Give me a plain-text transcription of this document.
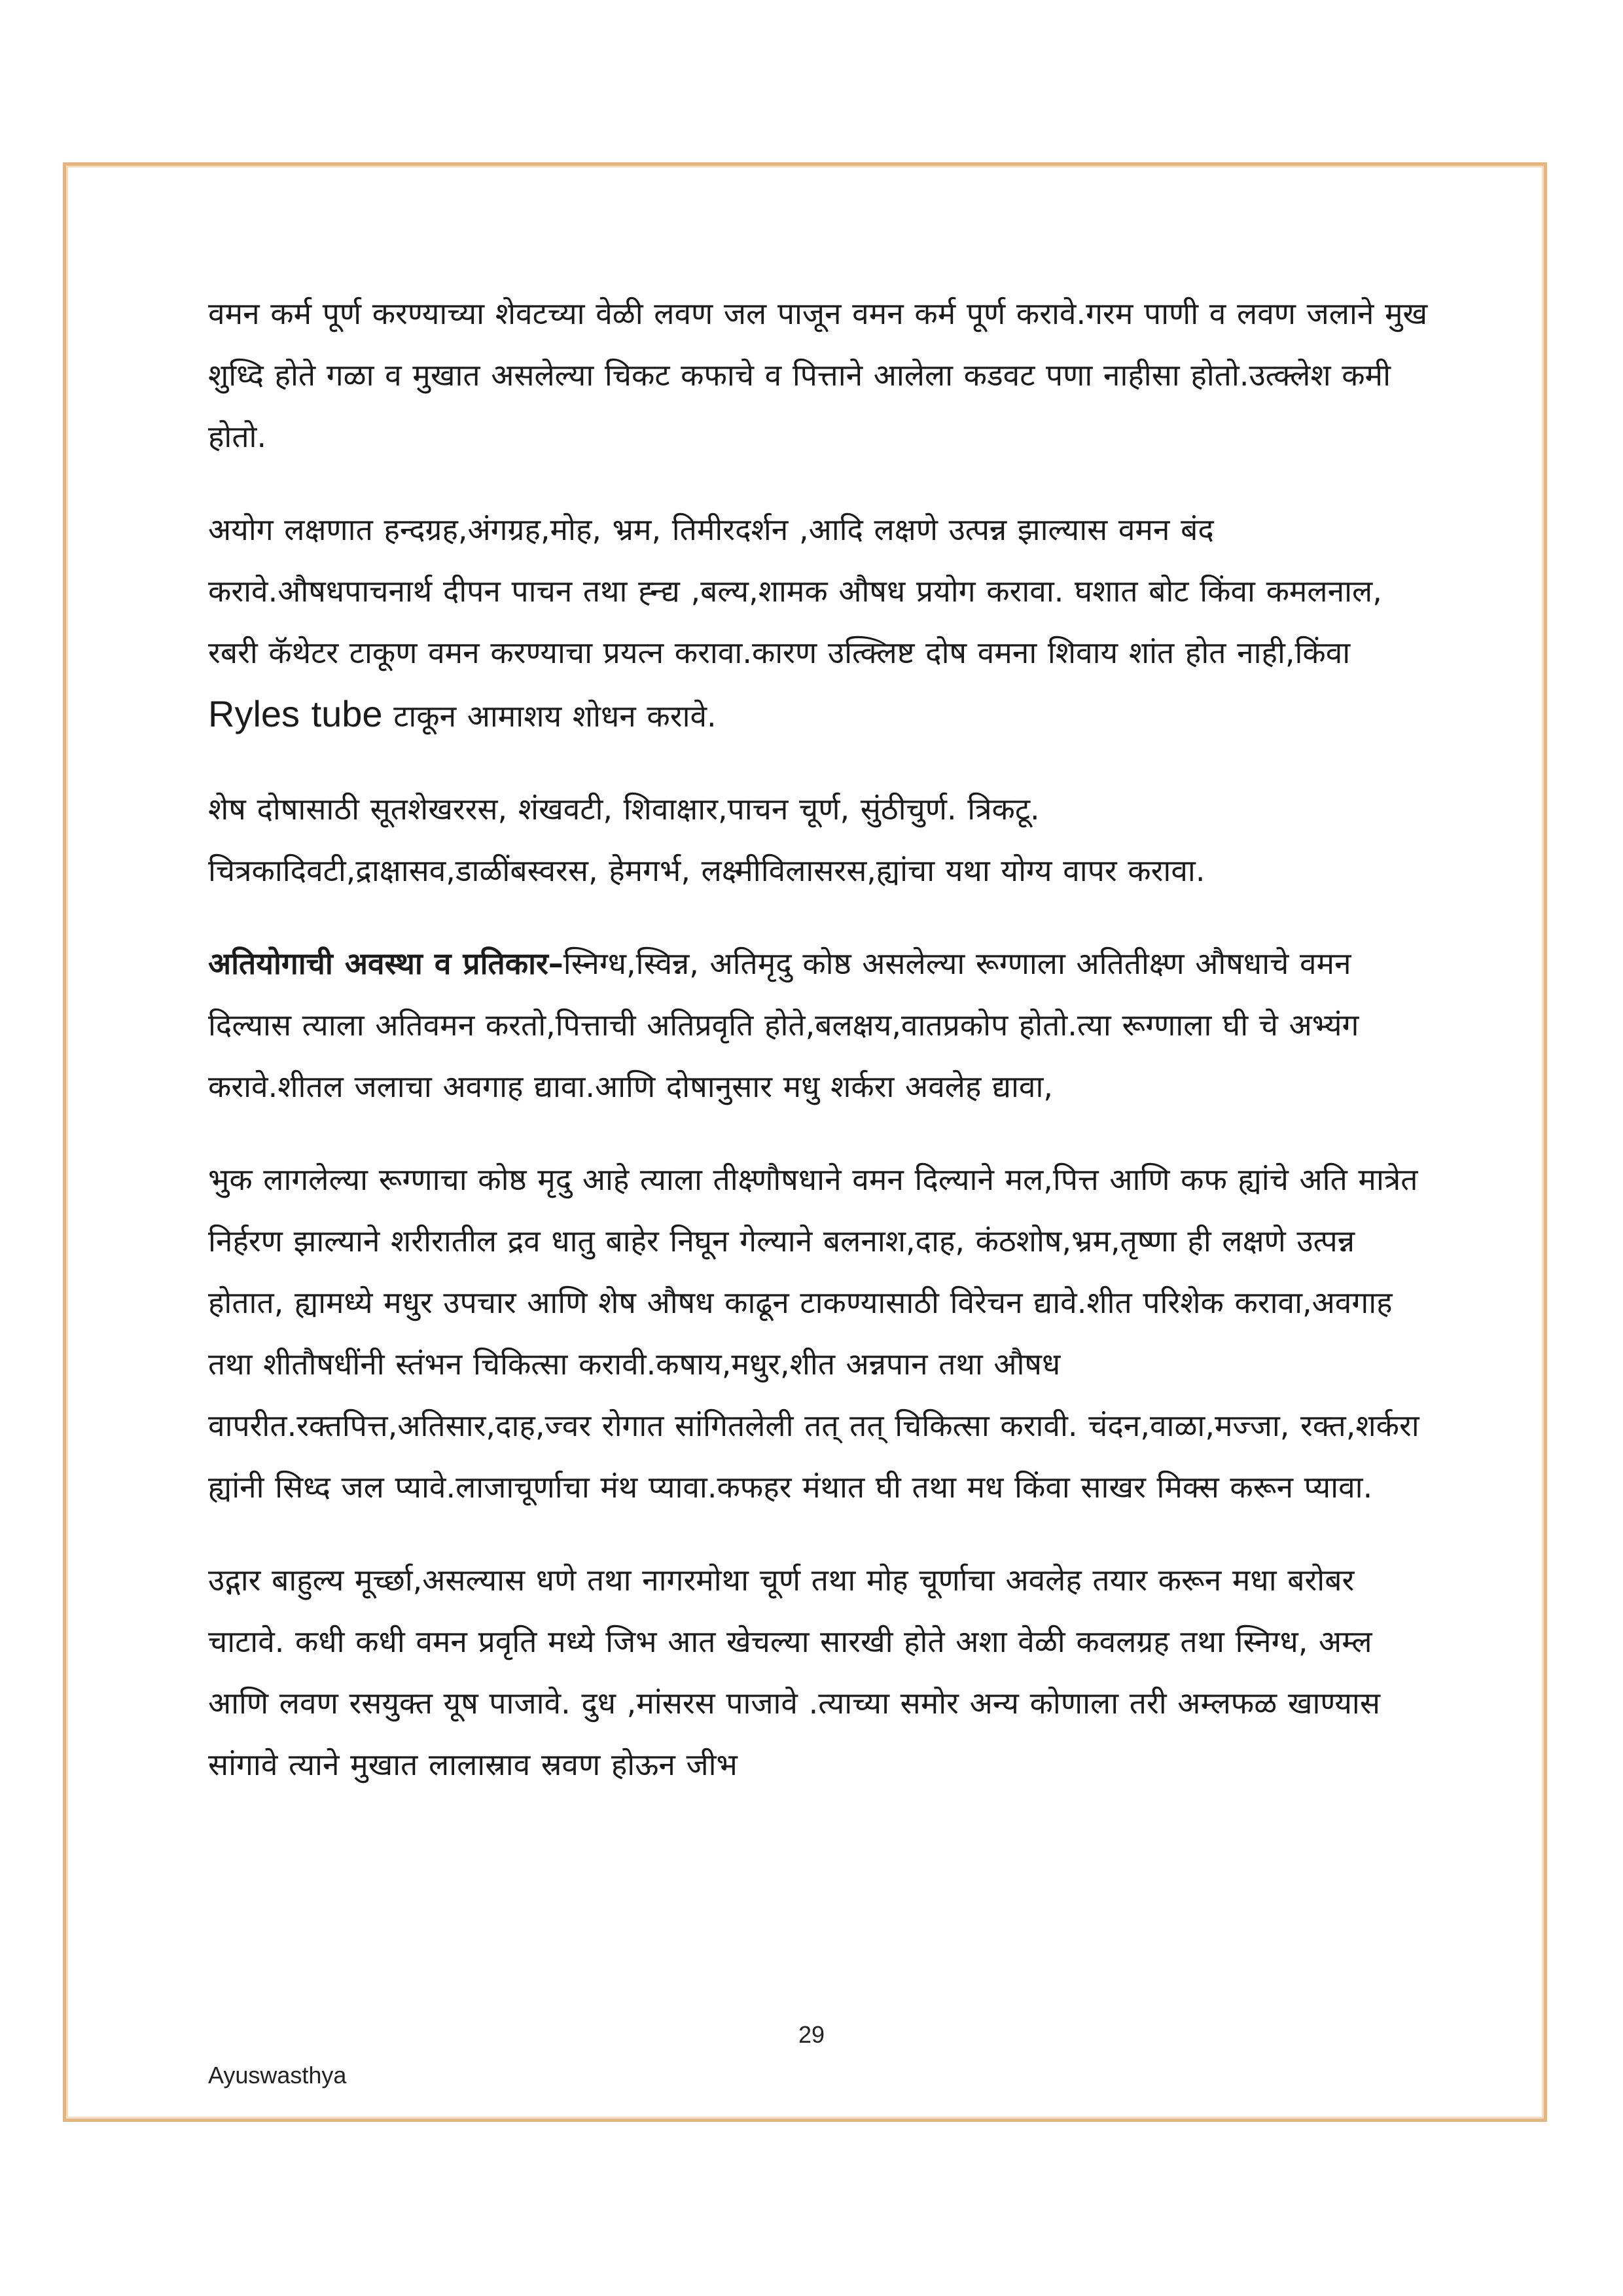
वमन कर्म पूर्ण करण्याच्या शेवटच्या वेळी लवण जल पाजून वमन कर्म पूर्ण करावे.गरम पाणी व लवण जलाने मुख शुध्दि होते गळा व मुखात असलेल्या चिकट कफाचे व पित्ताने आलेला कडवट पणा नाहीसा होतो.उत्क्लेश कमी होतो.

अयोग लक्षणात हन्दग्रह,अंगग्रह,मोह, भ्रम, तिमीरदर्शन ,आदि लक्षणे उत्पन्न झाल्यास वमन बंद करावे.औषधपाचनार्थ दीपन पाचन तथा ह्न्द्य ,बल्य,शामक औषध प्रयोग करावा. घशात बोट किंवा कमलनाल, रबरी कॅथेटर टाकूण वमन करण्याचा प्रयत्न करावा.कारण उत्क्लिष्ट दोष वमना शिवाय शांत होत नाही,किंवा Ryles tube टाकून आमाशय शोधन करावे.

शेष दोषासाठी सूतशेखररस, शंखवटी, शिवाक्षार,पाचन चूर्ण, सुंठीचुर्ण. त्रिकटू. चित्रकादिवटी,द्राक्षासव,डाळींबस्वरस, हेमगर्भ, लक्ष्मीविलासरस,ह्यांचा यथा योग्य वापर करावा.

अतियोगाची अवस्था व प्रतिकार–स्निग्ध,स्विन्न, अतिमृदु कोष्ठ असलेल्या रूग्णाला अतितीक्ष्ण औषधाचे वमन दिल्यास त्याला अतिवमन करतो,पित्ताची अतिप्रवृति होते,बलक्षय,वातप्रकोप होतो.त्या रूग्णाला घी चे अभ्यंग करावे.शीतल जलाचा अवगाह द्यावा.आणि दोषानुसार मधु शर्करा अवलेह द्यावा,

भुक लागलेल्या रूग्णाचा कोष्ठ मृदु आहे त्याला तीक्ष्णौषधाने वमन दिल्याने मल,पित्त आणि कफ ह्यांचे अति मात्रेत निर्हरण झाल्याने शरीरातील द्रव धातु बाहेर निघून गेल्याने बलनाश,दाह, कंठशोष,भ्रम,तृष्णा ही लक्षणे उत्पन्न होतात, ह्यामध्ये मधुर उपचार आणि शेष औषध काढून टाकण्यासाठी विरेचन द्यावे.शीत परिशेक करावा,अवगाह तथा शीतौषधींनी स्तंभन चिकित्सा करावी.कषाय,मधुर,शीत अन्नपान तथा औषध वापरीत.रक्तपित्त,अतिसार,दाह,ज्वर रोगात सांगितलेली तत् तत् चिकित्सा करावी. चंदन,वाळा,मज्जा, रक्त,शर्करा ह्यांनी सिध्द जल प्यावे.लाजाचूर्णाचा मंथ प्यावा.कफहर मंथात घी तथा मध किंवा साखर मिक्स करून प्यावा.

उद्गार बाहुल्य मूर्च्छा,असल्यास धणे तथा नागरमोथा चूर्ण तथा मोह चूर्णाचा अवलेह तयार करून मधा बरोबर चाटावे. कधी कधी वमन प्रवृति मध्ये जिभ आत खेचल्या सारखी होते अशा वेळी कवलग्रह तथा स्निग्ध, अम्ल आणि लवण रसयुक्त यूष पाजावे. दुध ,मांसरस पाजावे .त्याच्या समोर अन्य कोणाला तरी अम्लफळ खाण्यास सांगावे त्याने मुखात लालास्राव स्रवण होऊन जीभ

29
Ayuswasthya
